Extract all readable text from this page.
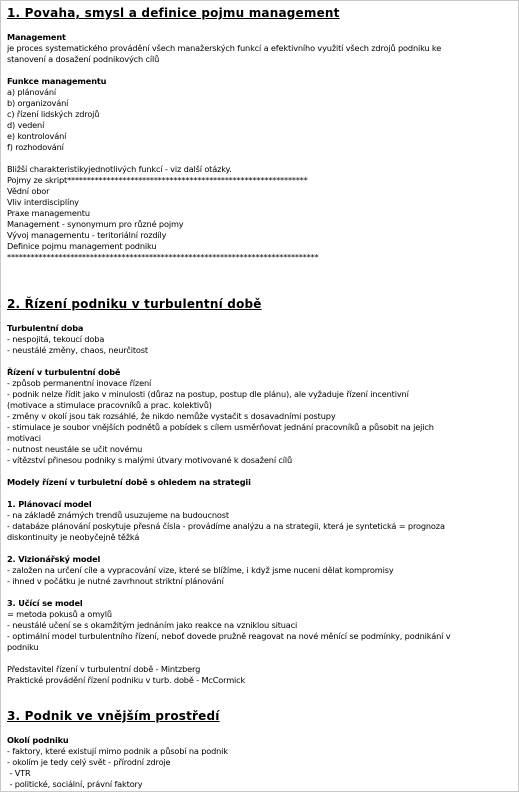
1. Povaha, smysl a definice pojmu management
Management
je proces systematického provádění všech manažerských funkcí a efektivního využití všech zdrojů podniku ke
stanovení a dosažení podnikových cílů
Funkce managementu
a) plánování
b) organizování
c) řízení lidských zdrojů
d) vedení
e) kontrolování
f) rozhodování
Bližší charakteristikyjednotlivých funkcí - viz další otázky.
Pojmy ze skript*************************************************************
Vědní obor
Vliv interdisciplíny
Praxe managementu
Management - synonymum pro různé pojmy
Vývoj managementu - teritoriální rozdíly
Definice pojmu management podniku
*******************************************************************************
2. Řízení podniku v turbulentní době
Turbulentní doba
- nespojitá, tekoucí doba
- neustálé změny, chaos, neurčitost
Řízení v turbulentní době
- způsob permanentní inovace řízení
- podnik nelze řídit jako v minulosti (důraz na postup, postup dle plánu), ale vyžaduje řízení incentivní
(motivace a stimulace pracovníků a prac. kolektivů)
- změny v okolí jsou tak rozsáhlé, že nikdo nemůže vystačit s dosavadními postupy
- stimulace je soubor vnějších podnětů a pobídek s cílem usměrňovat jednání pracovníků a působit na jejich
motivaci
- nutnost neustále se učit novému
- vítězství přinesou podniky s malými útvary motivované k dosažení cílů
Modely řízení v turbuletní době s ohledem na strategii
1. Plánovací model
- na základě známých trendů usuzujeme na budoucnost
- databáze plánování poskytuje přesná čísla - provádíme analýzu a na strategii, která je syntetická = prognoza
diskontinuity je neobyčejně těžká
2. Vizionářský model
- založen na určení cíle a vypracování vize, které se blížíme, i když jsme nuceni dělat kompromisy
- ihned v počátku je nutné zavrhnout striktní plánování
3. Učící se model
= metoda pokusů a omylů
- neustálé učení se s okamžitým jednáním jako reakce na vzniklou situaci
- optimální model turbulentního řízení, neboť dovede pružně reagovat na nové měnící se podmínky, podnikání v
podniku
Představitel řízení v turbulentní době - Mintzberg
Praktické provádění řízení podniku v turb. době - McCormick
3. Podnik ve vnějším prostředí
Okolí podniku
- faktory, které existují mimo podnik a působí na podnik
- okolím je tedy celý svět - přírodní zdroje
- VTR
- politické, sociální, právní faktory
